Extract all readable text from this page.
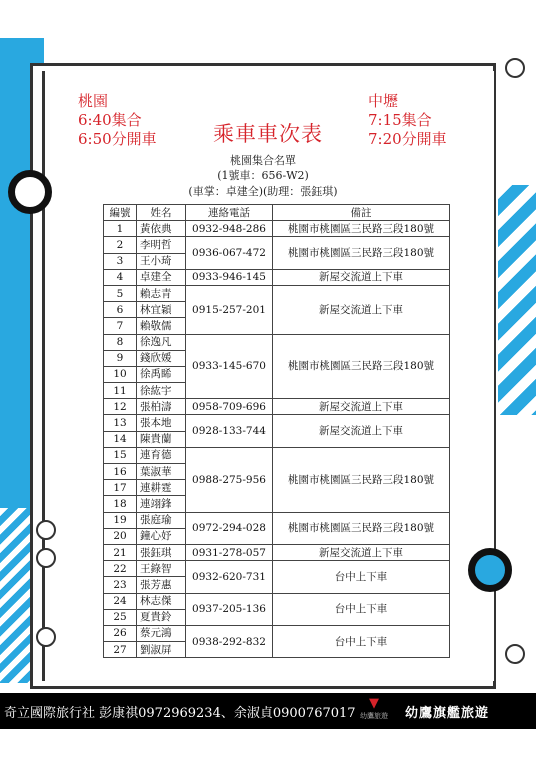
桃園
6:40集合
6:50分開車	乘車車次表
中壢
7:15集合
7:20分開車
桃園集合名單
(1號車：656-W2)
(車掌：卓建全)(助理：張鈺琪)
編號	姓名	連絡電話	備註
1	黃依典	0932-948-286	桃園市桃園區三民路三段180號
2	李明哲	0936-067-472	桃園市桃園區三民路三段180號
3	王小琦		
4	卓建全	0933-946-145	新屋交流道上下車
5	賴志青	0915-257-201	新屋交流道上下車
6	林宜穎		
7	賴敬儒		
8	徐逸凡	0933-145-670	桃園市桃園區三民路三段180號
9	錢欣媛		
10	徐禹睎		
11	徐紘宇		
12	張柏濤	0958-709-696	新屋交流道上下車
13	張本地	0928-133-744	新屋交流道上下車
14	陳貴蘭		
15	連育德	0988-275-956	桃園市桃園區三民路三段180號
16	葉淑華		
17	連耕霆		
18	連翊鋒		
19	張庭瑜	0972-294-028	桃園市桃園區三民路三段180號
20	鐘心妤		
21	張鈺琪	0931-278-057	新屋交流道上下車
22	王錄智	0932-620-731	台中上下車
23	張芳惠		
24	林志傑	0937-205-136	台中上下車
25	夏貴鈴		
26	蔡元鴻	0938-292-832	台中上下車
27	劉淑屏		
奇立國際旅行社 彭康祺0972969234、余淑貞0900767017
▼
幼鷹旅遊	幼鷹旗艦旅遊
